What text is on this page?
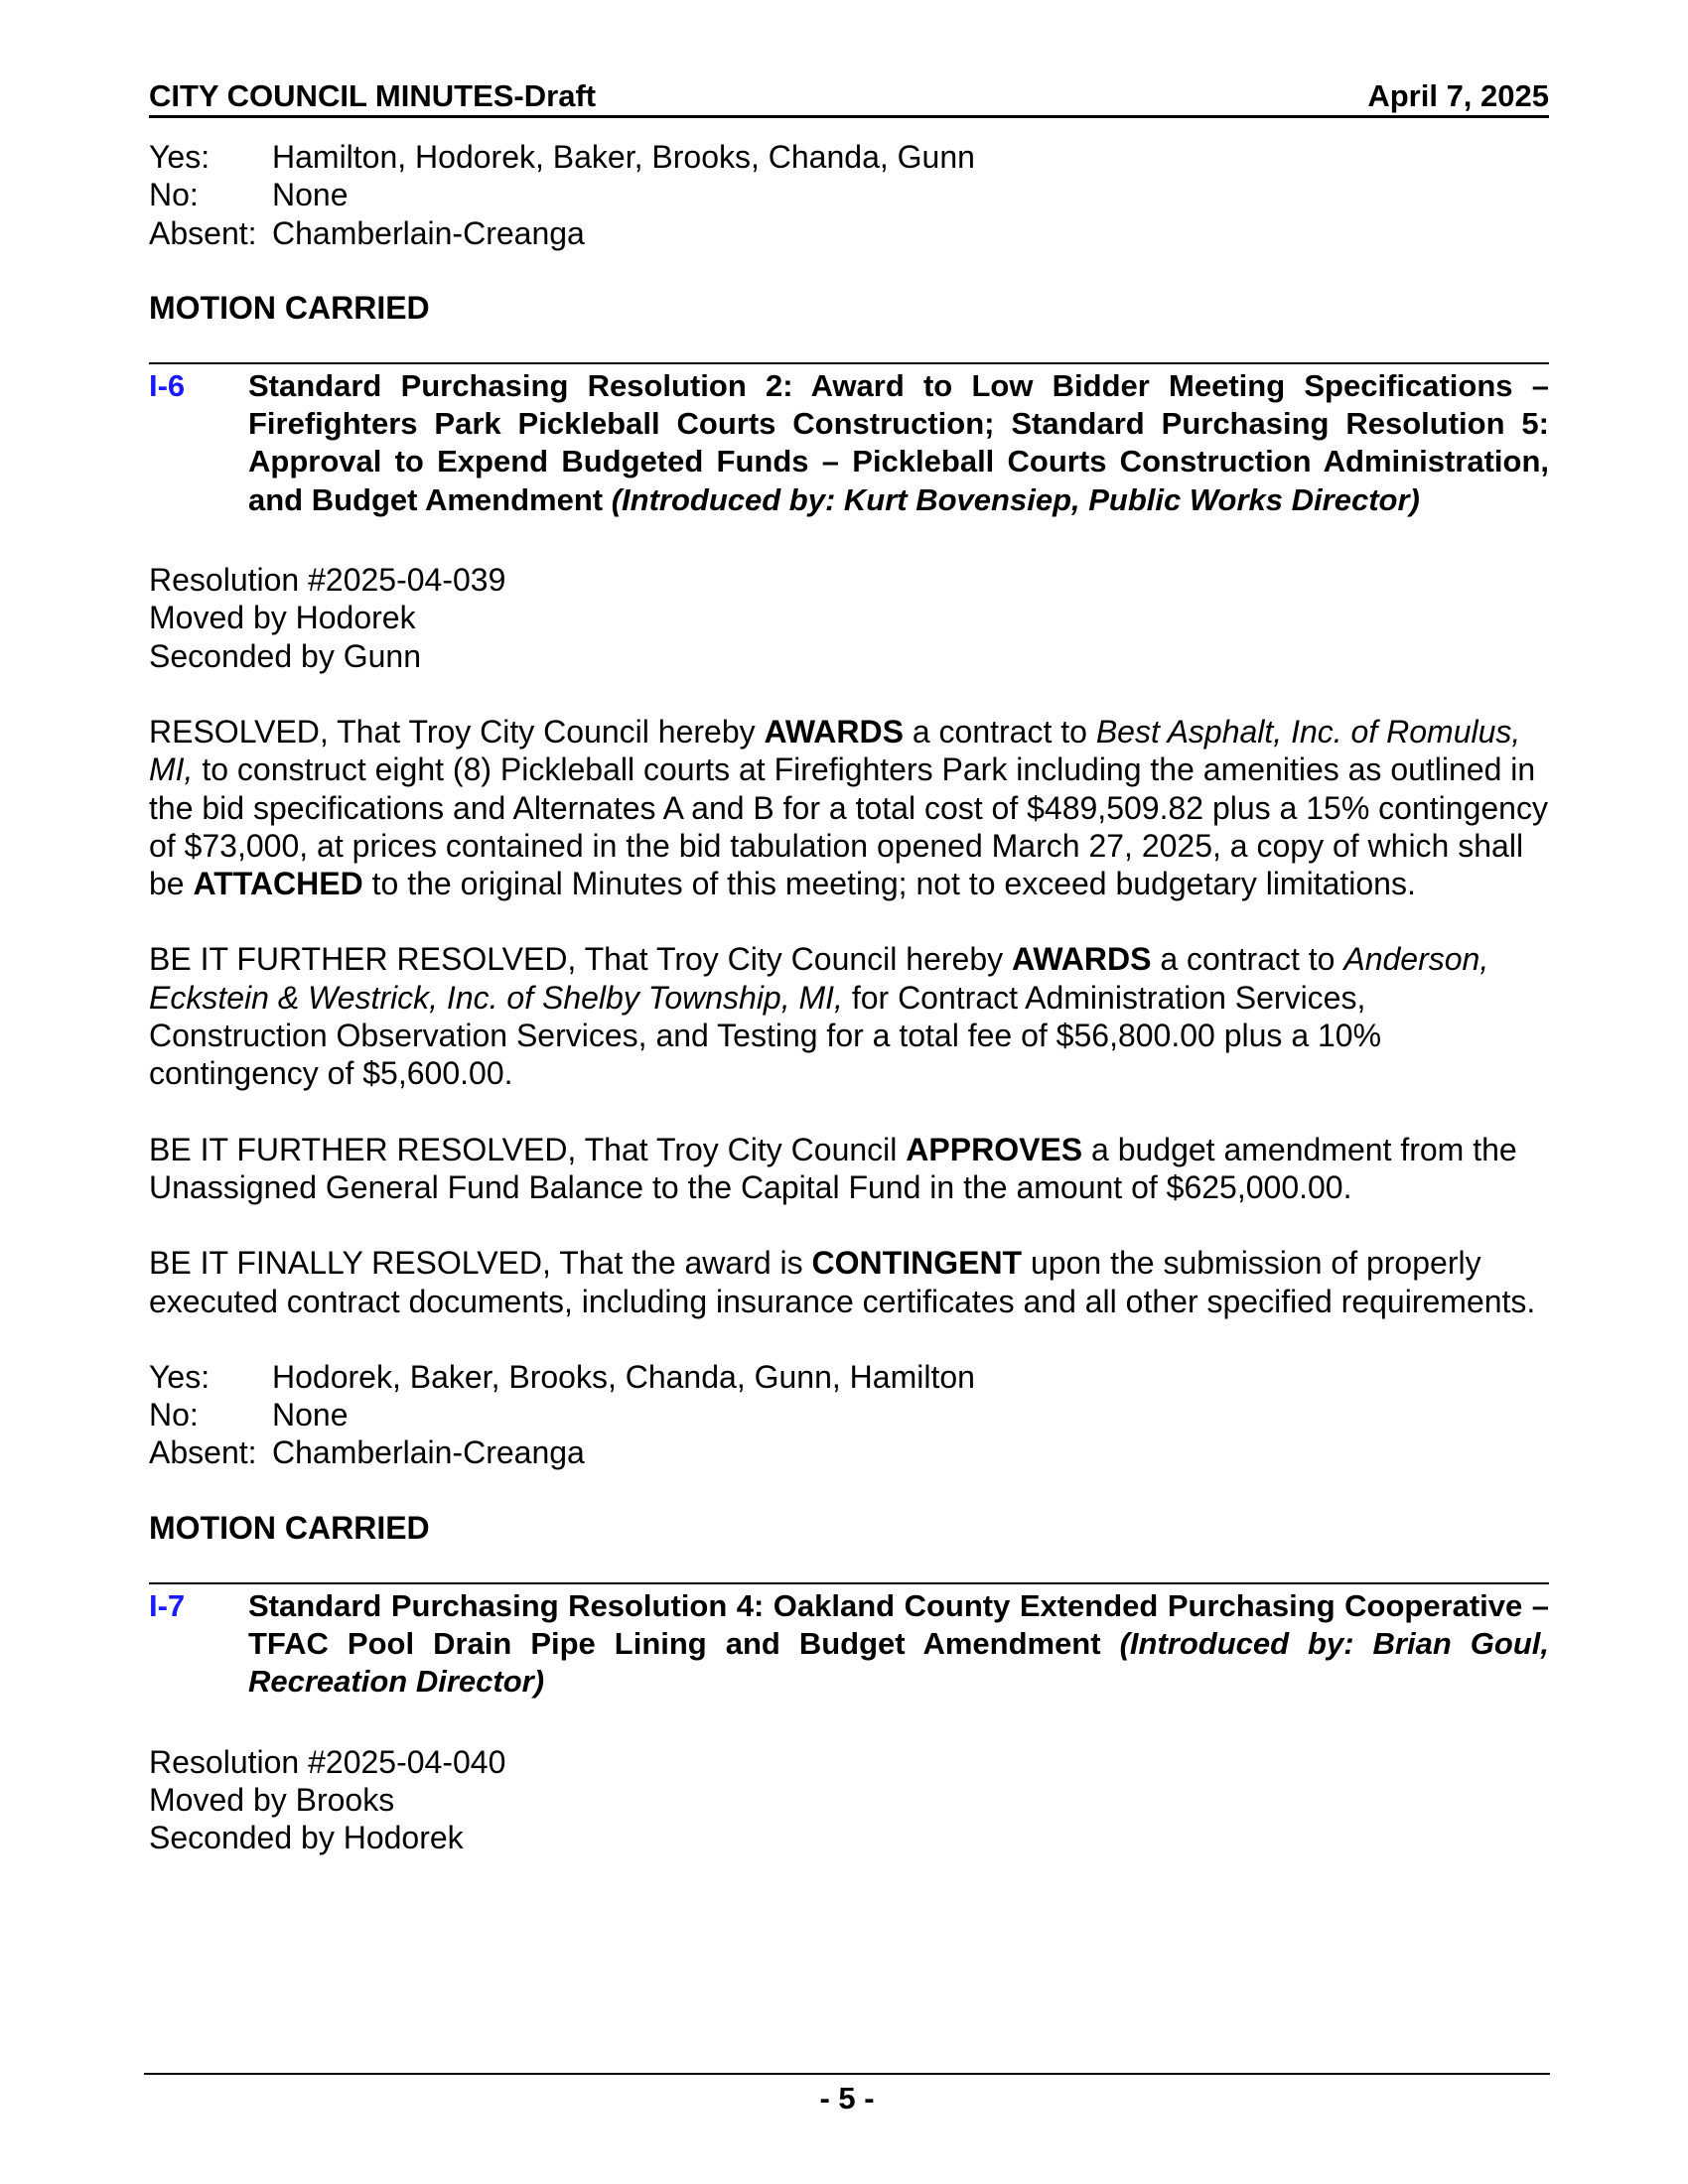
CITY COUNCIL MINUTES-Draft	April 7, 2025
Yes:	Hamilton, Hodorek, Baker, Brooks, Chanda, Gunn
No:	None
Absent: Chamberlain-Creanga
MOTION CARRIED
I-6	Standard Purchasing Resolution 2: Award to Low Bidder Meeting Specifications – Firefighters Park Pickleball Courts Construction; Standard Purchasing Resolution 5: Approval to Expend Budgeted Funds – Pickleball Courts Construction Administration, and Budget Amendment (Introduced by: Kurt Bovensiep, Public Works Director)

Resolution #2025-04-039

Moved by Hodorek

Seconded by Gunn

RESOLVED, That Troy City Council hereby AWARDS a contract to Best Asphalt, Inc. of Romulus, MI, to construct eight (8) Pickleball courts at Firefighters Park including the amenities as outlined in the bid specifications and Alternates A and B for a total cost of $489,509.82 plus a 15% contingency of $73,000, at prices contained in the bid tabulation opened March 27, 2025, a copy of which shall be ATTACHED to the original Minutes of this meeting; not to exceed budgetary limitations.

BE IT FURTHER RESOLVED, That Troy City Council hereby AWARDS a contract to Anderson, Eckstein & Westrick, Inc. of Shelby Township, MI, for Contract Administration Services, Construction Observation Services, and Testing for a total fee of $56,800.00 plus a 10% contingency of $5,600.00.

BE IT FURTHER RESOLVED, That Troy City Council APPROVES a budget amendment from the Unassigned General Fund Balance to the Capital Fund in the amount of $625,000.00.

BE IT FINALLY RESOLVED, That the award is CONTINGENT upon the submission of properly executed contract documents, including insurance certificates and all other specified requirements.

Yes:	Hodorek, Baker, Brooks, Chanda, Gunn, Hamilton
No:	None
Absent: Chamberlain-Creanga
MOTION CARRIED
I-7	Standard Purchasing Resolution 4: Oakland County Extended Purchasing Cooperative – TFAC Pool Drain Pipe Lining and Budget Amendment (Introduced by: Brian Goul, Recreation Director)

Resolution #2025-04-040

Moved by Brooks

Seconded by Hodorek

- 5 -
